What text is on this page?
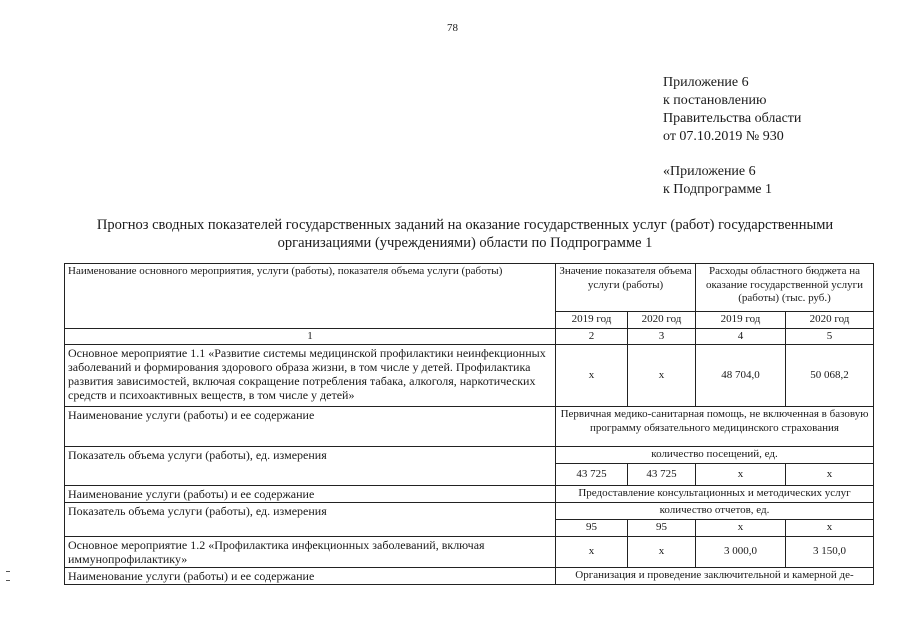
78
Приложение 6
к постановлению
Правительства области
от 07.10.2019 № 930
«Приложение 6
к Подпрограмме 1
Прогноз сводных показателей государственных заданий на оказание государственных услуг (работ) государственными организациями (учреждениями) области по Подпрограмме 1
Наименование основного мероприятия, услуги (работы), показателя объема услуги (работы)	Значение показателя объема услуги (работы)		Расходы областного бюджета на оказание государственной услуги (работы) (тыс. руб.)	
	2019 год	2020 год	2019 год	2020 год
1	2	3	4	5
Основное мероприятие 1.1 «Развитие системы медицинской профилактики неинфекционных заболеваний и формирования здорового образа жизни, в том числе у детей. Профилактика развития зависимостей, включая сокращение потребления табака, алкоголя, наркотических средств и психоактивных веществ, в том числе у детей»	x	x	48 704,0	50 068,2
Наименование услуги (работы) и ее содержание	Первичная медико-санитарная помощь, не включенная в базовую программу обязательного медицинского страхования			
Показатель объема услуги (работы), ед. измерения	количество посещений, ед.			
	43 725	43 725	x	x
Наименование услуги (работы) и ее содержание	Предоставление консультационных и методических услуг			
Показатель объема услуги (работы), ед. измерения	количество отчетов, ед.			
	95	95	x	x
Основное мероприятие 1.2 «Профилактика инфекционных заболеваний, включая иммунопрофилактику»	x	x	3 000,0	3 150,0
Наименование услуги (работы) и ее содержание	Организация и проведение заключительной и камерной де-			
